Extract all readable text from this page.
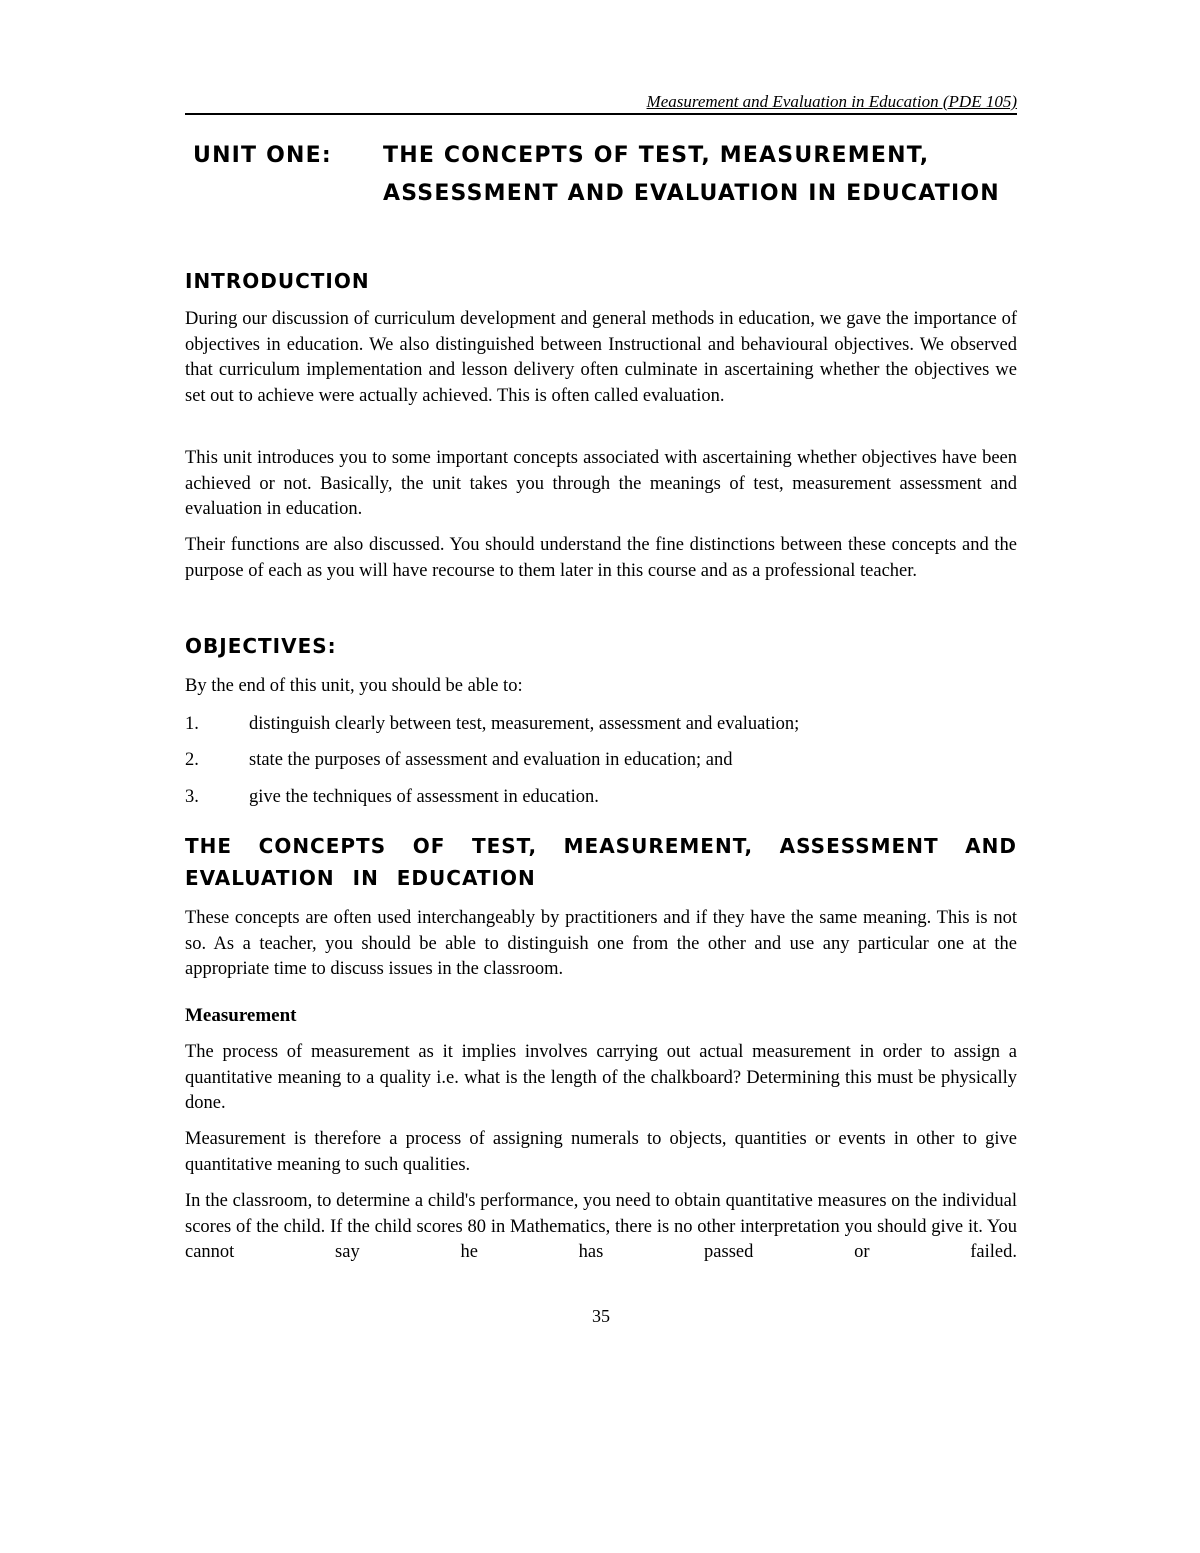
Measurement and Evaluation in Education (PDE 105)
UNIT ONE:	THE CONCEPTS OF TEST, MEASUREMENT, ASSESSMENT AND EVALUATION IN EDUCATION
INTRODUCTION

During our discussion of curriculum development and general methods in education, we gave the importance of objectives in education. We also distinguished between Instructional and behavioural objectives. We observed that curriculum implementation and lesson delivery often culminate in ascertaining whether the objectives we set out to achieve were actually achieved. This is often called evaluation.

This unit introduces you to some important concepts associated with ascertaining whether objectives have been achieved or not. Basically, the unit takes you through the meanings of test, measurement assessment and evaluation in education.

Their functions are also discussed. You should understand the fine distinctions between these concepts and the purpose of each as you will have recourse to them later in this course and as a professional teacher.

OBJECTIVES:

By the end of this unit, you should be able to:

1.	distinguish clearly between test, measurement, assessment and evaluation;
2.	state the purposes of assessment and evaluation in education; and
3.	give the techniques of assessment in education.
THE CONCEPTS OF TEST, MEASUREMENT, ASSESSMENT AND EVALUATION IN EDUCATION

These concepts are often used interchangeably by practitioners and if they have the same meaning. This is not so. As a teacher, you should be able to distinguish one from the other and use any particular one at the appropriate time to discuss issues in the classroom.

Measurement

The process of measurement as it implies involves carrying out actual measurement in order to assign a quantitative meaning to a quality i.e. what is the length of the chalkboard? Determining this must be physically done.

Measurement is therefore a process of assigning numerals to objects, quantities or events in other to give quantitative meaning to such qualities.

In the classroom, to determine a child's performance, you need to obtain quantitative measures on the individual scores of the child. If the child scores 80 in Mathematics, there is no other interpretation you should give it. You cannot say he has passed or failed.

35
